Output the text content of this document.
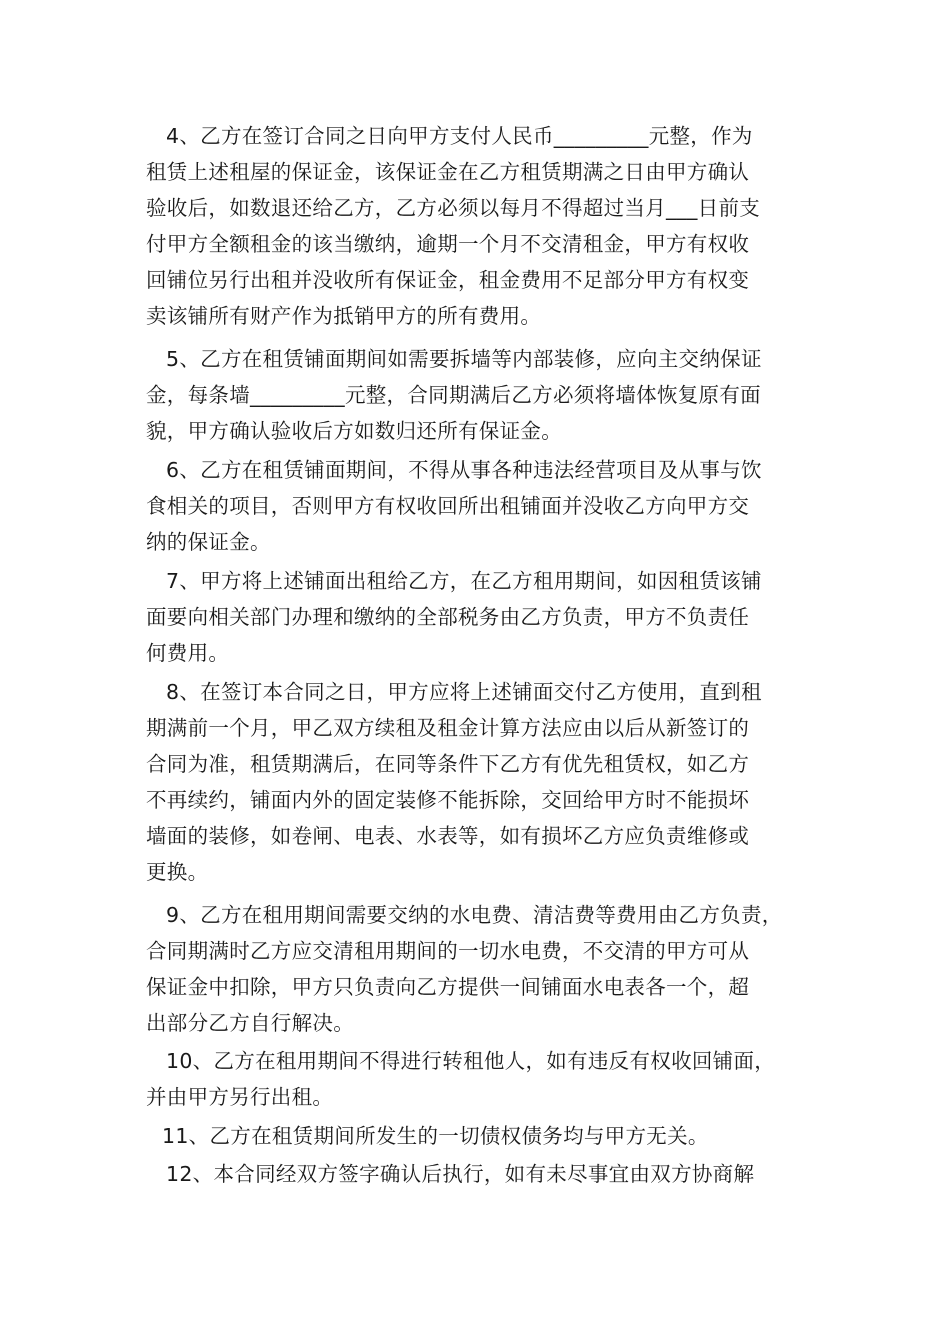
4、乙方在签订合同之日向甲方支付人民币_________元整，作为
租赁上述租屋的保证金，该保证金在乙方租赁期满之日由甲方确认
验收后，如数退还给乙方，乙方必须以每月不得超过当月___日前支
付甲方全额租金的该当缴纳，逾期一个月不交清租金，甲方有权收
回铺位另行出租并没收所有保证金，租金费用不足部分甲方有权变
卖该铺所有财产作为抵销甲方的所有费用。
5、乙方在租赁铺面期间如需要拆墙等内部装修，应向主交纳保证
金，每条墙_________元整，合同期满后乙方必须将墙体恢复原有面
貌，甲方确认验收后方如数归还所有保证金。
6、乙方在租赁铺面期间，不得从事各种违法经营项目及从事与饮
食相关的项目，否则甲方有权收回所出租铺面并没收乙方向甲方交
纳的保证金。
7、甲方将上述铺面出租给乙方，在乙方租用期间，如因租赁该铺
面要向相关部门办理和缴纳的全部税务由乙方负责，甲方不负责任
何费用。
8、在签订本合同之日，甲方应将上述铺面交付乙方使用，直到租
期满前一个月，甲乙双方续租及租金计算方法应由以后从新签订的
合同为准，租赁期满后，在同等条件下乙方有优先租赁权，如乙方
不再续约，铺面内外的固定装修不能拆除，交回给甲方时不能损坏
墙面的装修，如卷闸、电表、水表等，如有损坏乙方应负责维修或
更换。
9、乙方在租用期间需要交纳的水电费、清洁费等费用由乙方负责，
合同期满时乙方应交清租用期间的一切水电费，不交清的甲方可从
保证金中扣除，甲方只负责向乙方提供一间铺面水电表各一个，超
出部分乙方自行解决。
10、乙方在租用期间不得进行转租他人，如有违反有权收回铺面，
并由甲方另行出租。
11、乙方在租赁期间所发生的一切债权债务均与甲方无关。
12、本合同经双方签字确认后执行，如有未尽事宜由双方协商解
